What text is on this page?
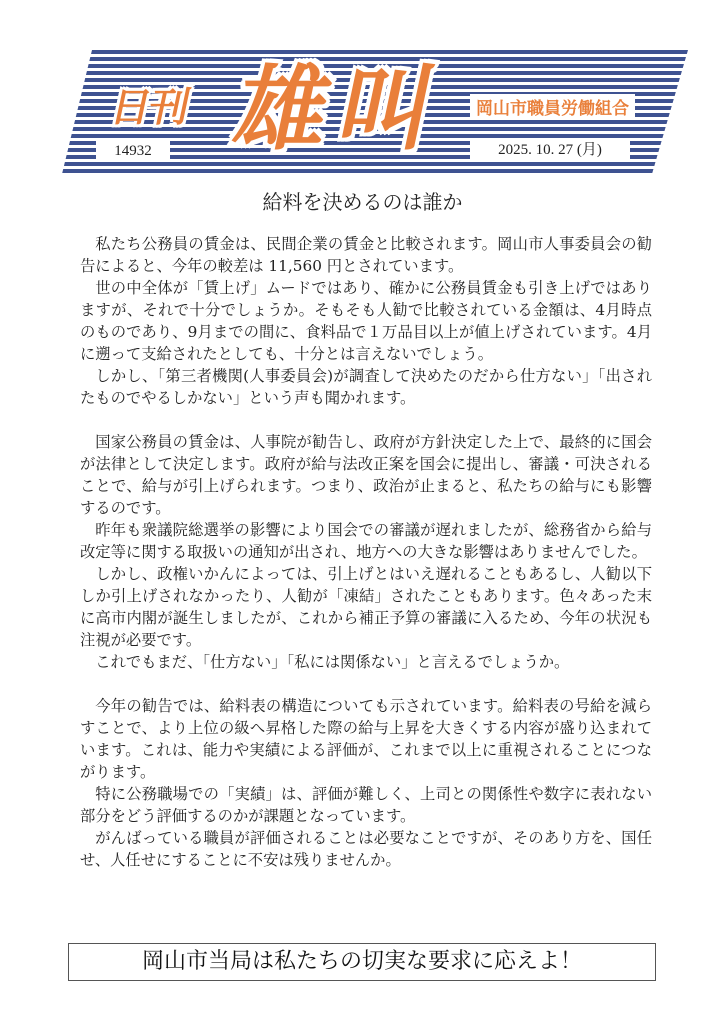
日刊 雄叫	岡山市職員労働組合
14932	2025. 10. 27 (月)
給料を決めるのは誰か

私たち公務員の賃金は、民間企業の賃金と比較されます。岡山市人事委員会の勧告によると、今年の較差は 11,560 円とされています。

世の中全体が「賃上げ」ムードではあり、確かに公務員賃金も引き上げではありますが、それで十分でしょうか。そもそも人勧で比較されている金額は、4月時点のものであり、9月までの間に、食料品で１万品目以上が値上げされています。4月に遡って支給されたとしても、十分とは言えないでしょう。

しかし、「第三者機関(人事委員会)が調査して決めたのだから仕方ない」「出されたものでやるしかない」という声も聞かれます。

国家公務員の賃金は、人事院が勧告し、政府が方針決定した上で、最終的に国会が法律として決定します。政府が給与法改正案を国会に提出し、審議・可決されることで、給与が引上げられます。つまり、政治が止まると、私たちの給与にも影響するのです。

昨年も衆議院総選挙の影響により国会での審議が遅れましたが、総務省から給与改定等に関する取扱いの通知が出され、地方への大きな影響はありませんでした。

しかし、政権いかんによっては、引上げとはいえ遅れることもあるし、人勧以下しか引上げされなかったり、人勧が「凍結」されたこともあります。色々あった末に高市内閣が誕生しましたが、これから補正予算の審議に入るため、今年の状況も注視が必要です。

これでもまだ、「仕方ない」「私には関係ない」と言えるでしょうか。

今年の勧告では、給料表の構造についても示されています。給料表の号給を減らすことで、より上位の級へ昇格した際の給与上昇を大きくする内容が盛り込まれています。これは、能力や実績による評価が、これまで以上に重視されることにつながります。

特に公務職場での「実績」は、評価が難しく、上司との関係性や数字に表れない部分をどう評価するのかが課題となっています。

がんばっている職員が評価されることは必要なことですが、そのあり方を、国任せ、人任せにすることに不安は残りませんか。

岡山市当局は私たちの切実な要求に応えよ！
